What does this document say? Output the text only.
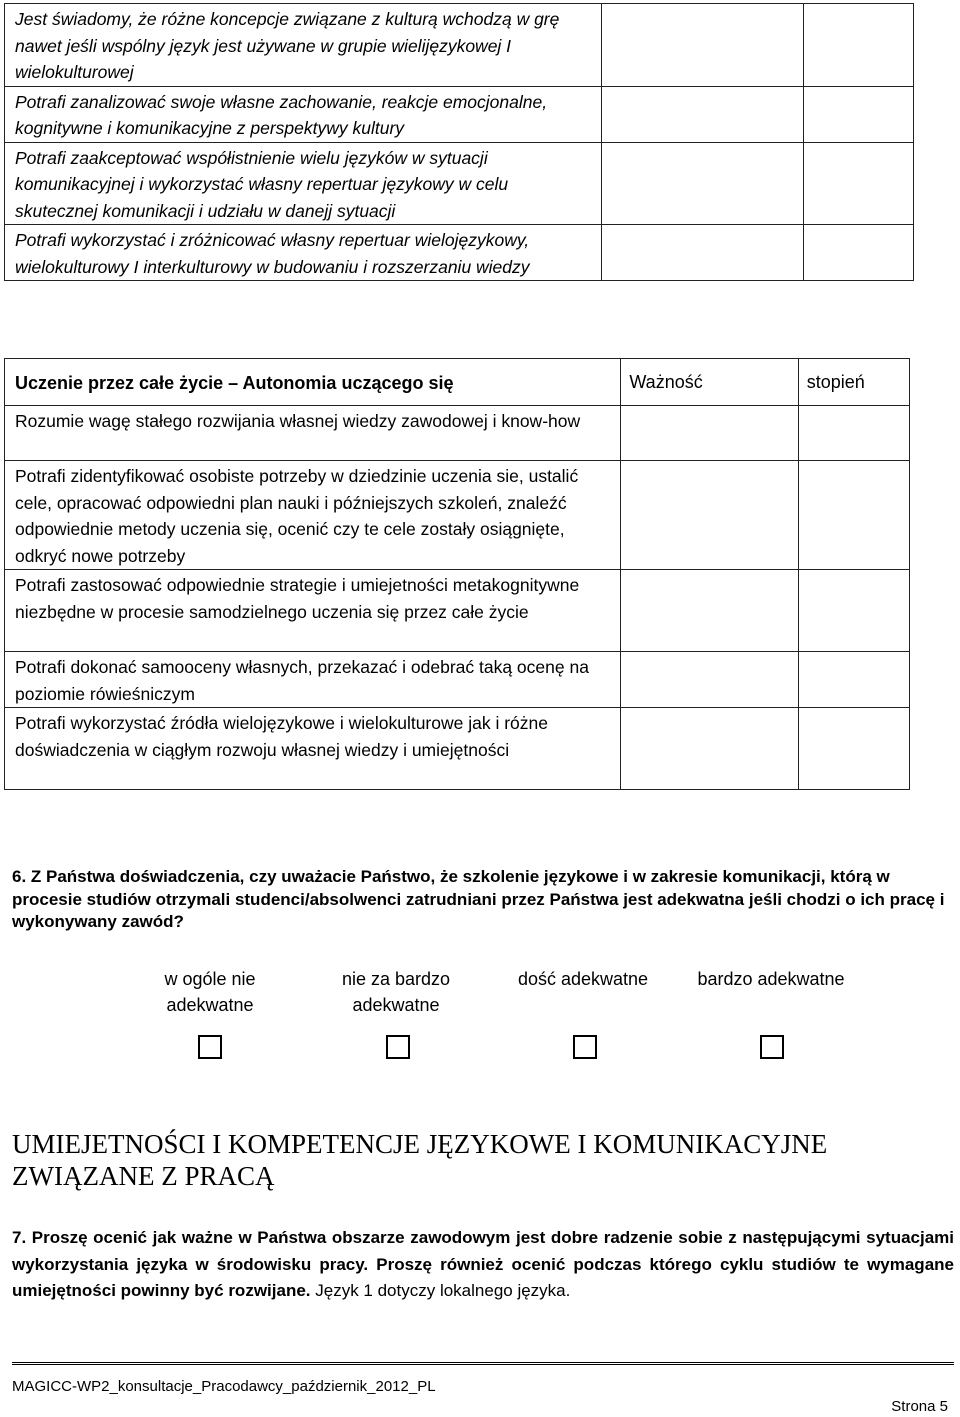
Jest świadomy, że różne koncepcje związane z kulturą wchodzą w grę nawet jeśli wspólny język jest używane w grupie wielijęzykowej I wielokulturowej		
Potrafi zanalizować swoje własne zachowanie, reakcje emocjonalne, kognitywne i komunikacyjne z perspektywy kultury		
Potrafi zaakceptować współistnienie wielu języków w sytuacji komunikacyjnej i wykorzystać własny repertuar językowy w celu skutecznej komunikacji i udziału w danejj sytuacji		
Potrafi wykorzystać i zróżnicować własny repertuar wielojęzykowy, wielokulturowy I interkulturowy w budowaniu i rozszerzaniu wiedzy		
Uczenie przez całe życie – Autonomia uczącego się	Ważność	stopień
Rozumie wagę stałego rozwijania własnej wiedzy zawodowej i know-how		
Potrafi zidentyfikować osobiste potrzeby w dziedzinie uczenia sie, ustalić cele, opracować odpowiedni plan nauki i późniejszych szkoleń, znaleźć odpowiednie metody uczenia się, ocenić czy te cele zostały osiągnięte, odkryć nowe potrzeby		
Potrafi zastosować odpowiednie strategie i umiejetności metakognitywne niezbędne w procesie samodzielnego uczenia się przez całe życie		
Potrafi dokonać samooceny własnych, przekazać i odebrać taką ocenę na poziomie rówieśniczym		
Potrafi wykorzystać źródła wielojęzykowe i wielokulturowe jak i różne doświadczenia w ciągłym rozwoju własnej wiedzy i umiejętności		
6. Z Państwa doświadczenia, czy uważacie Państwo, że szkolenie językowe i w zakresie komunikacji, którą w procesie studiów otrzymali studenci/absolwenci zatrudniani przez Państwa jest adekwatna jeśli chodzi o ich pracę i wykonywany zawód?
w ogóle nie
adekwatne
nie za bardzo
adekwatne
dość adekwatne	bardzo adekwatne
UMIEJETNOŚCI I KOMPETENCJE JĘZYKOWE I KOMUNIKACYJNE ZWIĄZANE Z PRACĄ
7. Proszę ocenić jak ważne w Państwa obszarze zawodowym jest dobre radzenie sobie z następującymi sytuacjami wykorzystania języka w środowisku pracy. Proszę również ocenić podczas którego cyklu studiów te wymagane umiejętności powinny być rozwijane. Język 1 dotyczy lokalnego języka.
MAGICC-WP2_konsultacje_Pracodawcy_październik_2012_PL
Strona 5
